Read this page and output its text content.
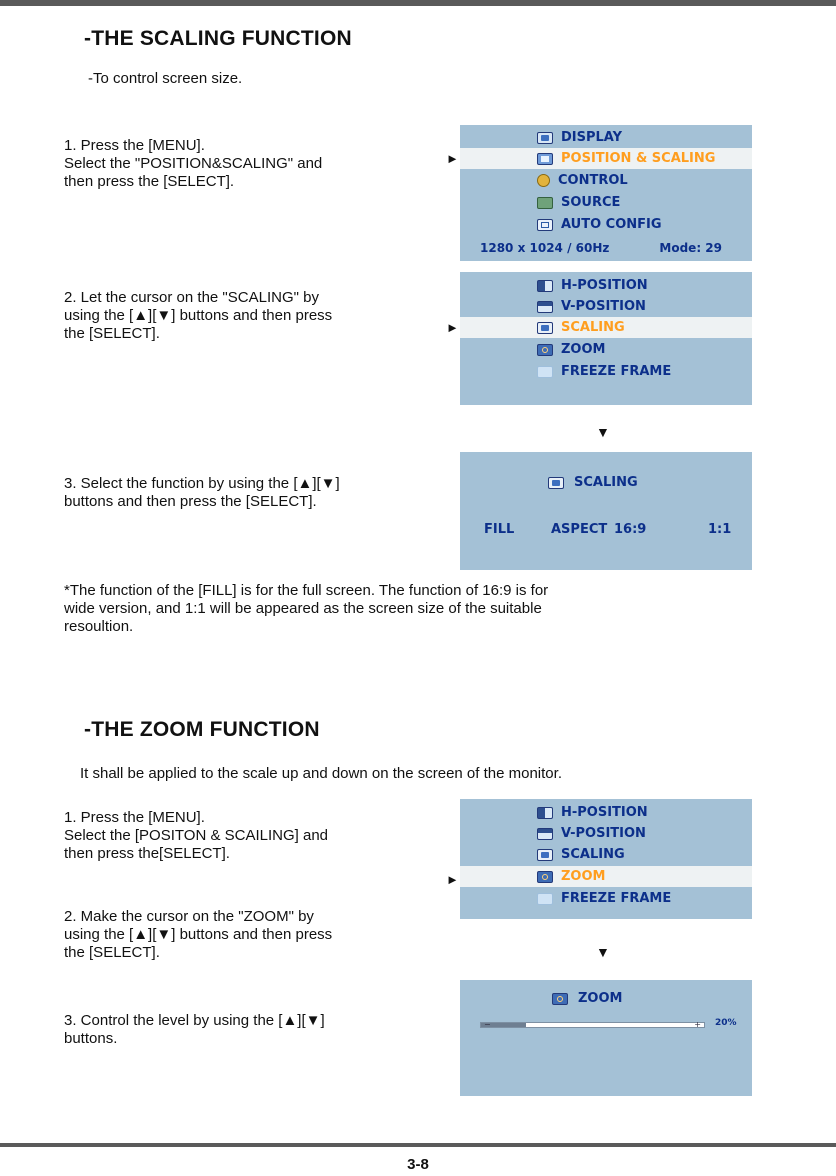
-THE SCALING FUNCTION
-To control screen size.
1. Press the [MENU].
Select the "POSITION&SCALING" and
then press the [SELECT].
►
DISPLAY
POSITION & SCALING
CONTROL
SOURCE
AUTO CONFIG
1280 x 1024 / 60Hz	Mode: 29
2. Let the cursor on the "SCALING" by
using the [▲][▼] buttons and then press
the [SELECT].	►
H-POSITION
V-POSITION
SCALING
ZOOM
FREEZE FRAME
▼
3. Select the function by using the [▲][▼]
buttons and then press the [SELECT].
SCALING
FILL	ASPECT 16:9	1:1
*The function of the [FILL] is for the full screen. The function of 16:9 is for
wide version, and 1:1 will be appeared as the screen size of the suitable
resoultion.
-THE ZOOM FUNCTION
It shall be applied to the scale up and down on the screen of the monitor.
1. Press the [MENU].
Select the [POSITON & SCAILING] and
then press the[SELECT].
►
H-POSITION
V-POSITION
SCALING
ZOOM
FREEZE FRAME
2. Make the cursor on the "ZOOM" by
using the [▲][▼] buttons and then press
the [SELECT].	▼
3. Control the level by using the [▲][▼]
buttons.
ZOOM
−	+ 20%
3-8
